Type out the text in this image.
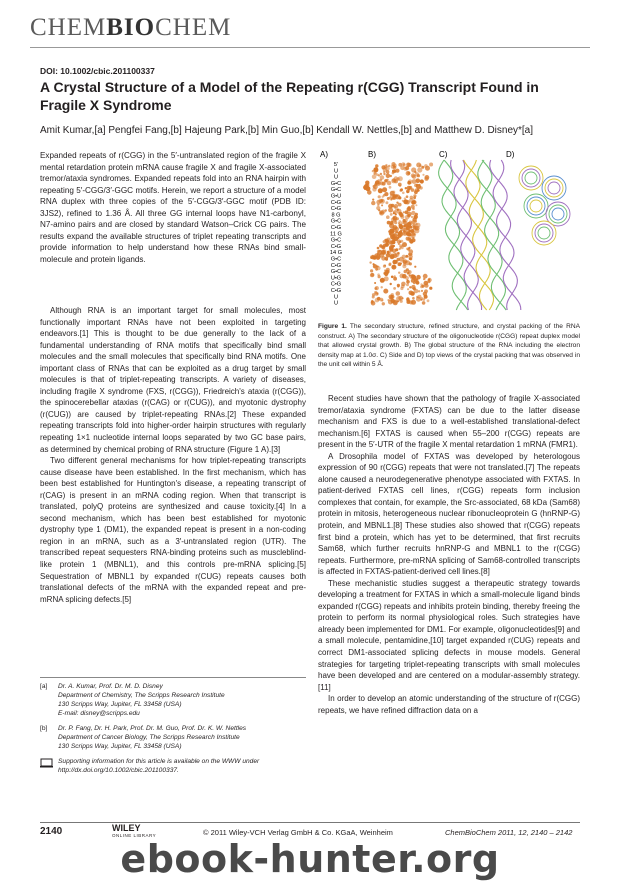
CHEMBIOCHEM
DOI: 10.1002/cbic.201100337
A Crystal Structure of a Model of the Repeating r(CGG) Transcript Found in Fragile X Syndrome
Amit Kumar,[a] Pengfei Fang,[b] Hajeung Park,[b] Min Guo,[b] Kendall W. Nettles,[b] and Matthew D. Disney*[a]

Expanded repeats of r(CGG) in the 5′-untranslated region of the fragile X mental retardation protein mRNA cause fragile X and fragile X-associated tremor/ataxia syndromes. Expanded repeats fold into an RNA hairpin with repeating 5′-CGG/3′-GGC motifs. Herein, we report a structure of a model RNA duplex with three copies of the 5′-CGG/3′-GGC motif (PDB ID: 3JS2), refined to 1.36 Å. All three GG internal loops have N1-carbonyl, N7-amino pairs and are closed by standard Watson–Crick CG pairs. The results expand the available structures of triplet repeating transcripts and provide information to help understand how these RNAs bind small-molecule and protein ligands.

Although RNA is an important target for small molecules, most functionally important RNAs have not been exploited in targeting endeavors.[1] This is thought to be due generally to the lack of a fundamental understanding of RNA motifs that specifically bind small molecules and the small molecules that specifically bind RNA motifs. One important class of RNAs that can be exploited as a drug target by small molecules is that of triplet-repeating transcripts. A variety of diseases, including fragile X syndrome (FXS, r(CGG)), Friedreich's ataxia (r(CGG)), the spinocerebellar ataxias (r(CAG) or r(CUG)), and myotonic dystrophy (r(CUG)) are caused by triplet-repeating RNAs.[2] These expanded repeating transcripts fold into higher-order hairpin structures with regularly repeating 1×1 nucleotide internal loops separated by two GC base pairs, as determined by chemical probing of RNA structure (Figure 1 A).[3]

Two different general mechanisms for how triplet-repeating transcripts cause disease have been established. In the first mechanism, which has been best established for Huntington's disease, a repeating transcript of r(CAG) is present in an mRNA coding region. When that transcript is translated, polyQ proteins are synthesized and cause toxicity.[4] In a second mechanism, which has been best established for myotonic dystrophy type 1 (DM1), the expanded repeat is present in a non-coding region in an mRNA, such as a 3′-untranslated region (UTR). The transcribed repeat sequesters RNA-binding proteins such as muscleblind-like protein 1 (MBNL1), and this controls pre-mRNA splicing.[5] Sequestration of MBNL1 by expanded r(CUG) repeats causes both translational defects of the mRNA with the expanded repeat and pre-mRNA splicing defects.[5]

A)	B)	C)	D)
5′
U
U
G•C
G•C
G•U
C•G
C•G
8 G
G•C
C•G
11 G
G•C
C•G
14 G
G•C
C•G
G•C
U•G
C•G
C•G
U
U
Figure 1. The secondary structure, refined structure, and crystal packing of the RNA construct. A) The secondary structure of the oligonucleotide r(CGG) repeat duplex model that allowed crystal growth. B) The global structure of the RNA including the electron density map at 1.0σ. C) Side and D) top views of the crystal packing that was observed in the unit cell within 5 Å.

Recent studies have shown that the pathology of fragile X-associated tremor/ataxia syndrome (FXTAS) can be due to the latter disease mechanism and FXS is due to a well-established translational-defect mechanism.[6] FXTAS is caused when 55–200 r(CGG) repeats are present in the 5′-UTR of the fragile X mental retardation 1 mRNA (FMR1).

A Drosophila model of FXTAS was developed by heterologous expression of 90 r(CGG) repeats that were not translated.[7] The repeats alone caused a neurodegenerative phenotype associated with FXTAS. In patient-derived FXTAS cell lines, r(CGG) repeats form inclusion complexes that contain, for example, the Src-associated, 68 kDa (Sam68) protein in mitosis, heterogeneous nuclear ribonucleoprotein G (hnRNP-G) protein, and MBNL1.[8] These studies also showed that r(CGG) repeats first bind a protein, which has yet to be determined, that first recruits Sam68, which further recruits hnRNP-G and MBNL1 to the r(CGG) repeats. Furthermore, pre-mRNA splicing of Sam68-controlled transcripts is affected in FXTAS-patient-derived cell lines.[8]

These mechanistic studies suggest a therapeutic strategy towards developing a treatment for FXTAS in which a small-molecule ligand binds expanded r(CGG) repeats and inhibits protein binding, thereby freeing the protein to perform its normal physiological roles. Such strategies have already been implemented for DM1. For example, oligonucleotides[9] and a small molecule, pentamidine,[10] target expanded r(CUG) repeats and correct DM1-associated splicing defects in mouse models. General strategies for targeting triplet-repeating transcripts with small molecules have been developed and are centered on a modular-assembly strategy.[11]

In order to develop an atomic understanding of the structure of r(CGG) repeats, we have refined diffraction data on a

[a] Dr. A. Kumar, Prof. Dr. M. D. Disney
Department of Chemistry, The Scripps Research Institute
130 Scripps Way, Jupiter, FL 33458 (USA)
E-mail: disney@scripps.edu
[b] Dr. P. Fang, Dr. H. Park, Prof. Dr. M. Guo, Prof. Dr. K. W. Nettles
Department of Cancer Biology, The Scripps Research Institute
130 Scripps Way, Jupiter, FL 33458 (USA)
Supporting information for this article is available on the WWW under
http://dx.doi.org/10.1002/cbic.201100337.
2140	WILEY
ONLINE LIBRARY	© 2011 Wiley-VCH Verlag GmbH & Co. KGaA, Weinheim	ChemBioChem 2011, 12, 2140 – 2142
ebook-hunter.org
